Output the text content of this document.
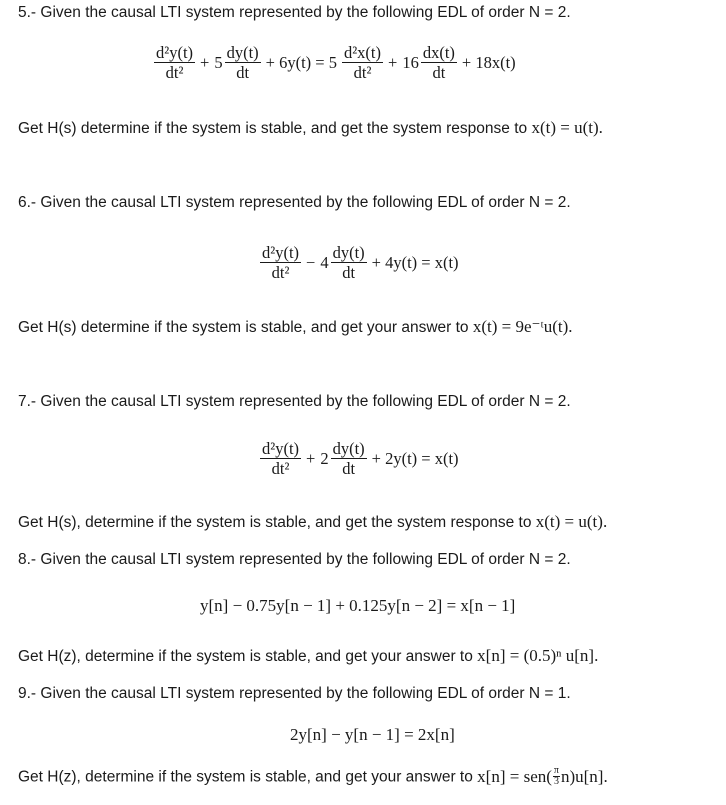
5.- Given the causal LTI system represented by the following EDL of order N = 2.
$\frac{\text{d²y(t)}}{\text{dt²}} + 5 \frac{dy(t)}{dt} + 6y(t) = 5 \frac{\text{d²x(t)}}{\text{dt²}} + 16 \frac{dx(t)}{dt} + 18x(t)$
Get H(s) determine if the system is stable, and get the system response to x(t) = u(t).
6.- Given the causal LTI system represented by the following EDL of order N = 2.
$\frac{\text{d²y(t)}}{\text{dt²}} - 4 \frac{dy(t)}{dt} + 4y(t) = x(t)$
Get H(s) determine if the system is stable, and get your answer to x(t) = 9e⁻ᵗu(t).
7.- Given the causal LTI system represented by the following EDL of order N = 2.
$\frac{\text{d²y(t)}}{\text{dt²}} + 2 \frac{dy(t)}{dt} + 2y(t) = x(t)$
Get H(s), determine if the system is stable, and get the system response to x(t) = u(t).
8.- Given the causal LTI system represented by the following EDL of order N = 2.
y[n] − 0.75y[n − 1] + 0.125y[n − 2] = x[n − 1]
Get H(z), determine if the system is stable, and get your answer to x[n] = (0.5)ⁿ u[n].
9.- Given the causal LTI system represented by the following EDL of order N = 1.
2y[n] − y[n − 1] = 2x[n]
Get H(z), determine if the system is stable, and get your answer to $x[n] = sen( \frac{\pi}{3} n)u[n]$.
